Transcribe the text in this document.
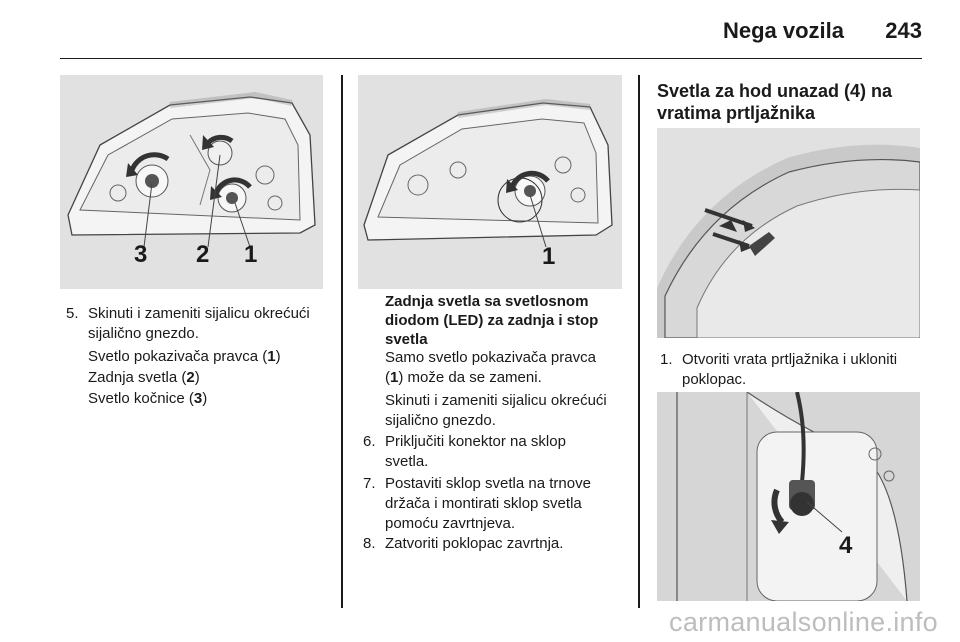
Nega vozila 243
3 2 1
5. Skinuti i zameniti sijalicu okrećući
sijalično gnezdo.
Svetlo pokazivača pravca (1)
Zadnja svetla (2)
Svetlo kočnice (3)
1
Zadnja svetla sa svetlosnom
diodom (LED) za zadnja i stop
svetla
Samo svetlo pokazivača pravca
(1) može da se zameni.
Skinuti i zameniti sijalicu okrećući
sijalično gnezdo.
6. Priključiti konektor na sklop
svetla.
7. Postaviti sklop svetla na trnove
držača i montirati sklop svetla
pomoću zavrtnjeva.
8. Zatvoriti poklopac zavrtnja.
Svetla za hod unazad (4) na
vratima prtljažnika
1. Otvoriti vrata prtljažnika i ukloniti
poklopac.
4
carmanualsonline.info
